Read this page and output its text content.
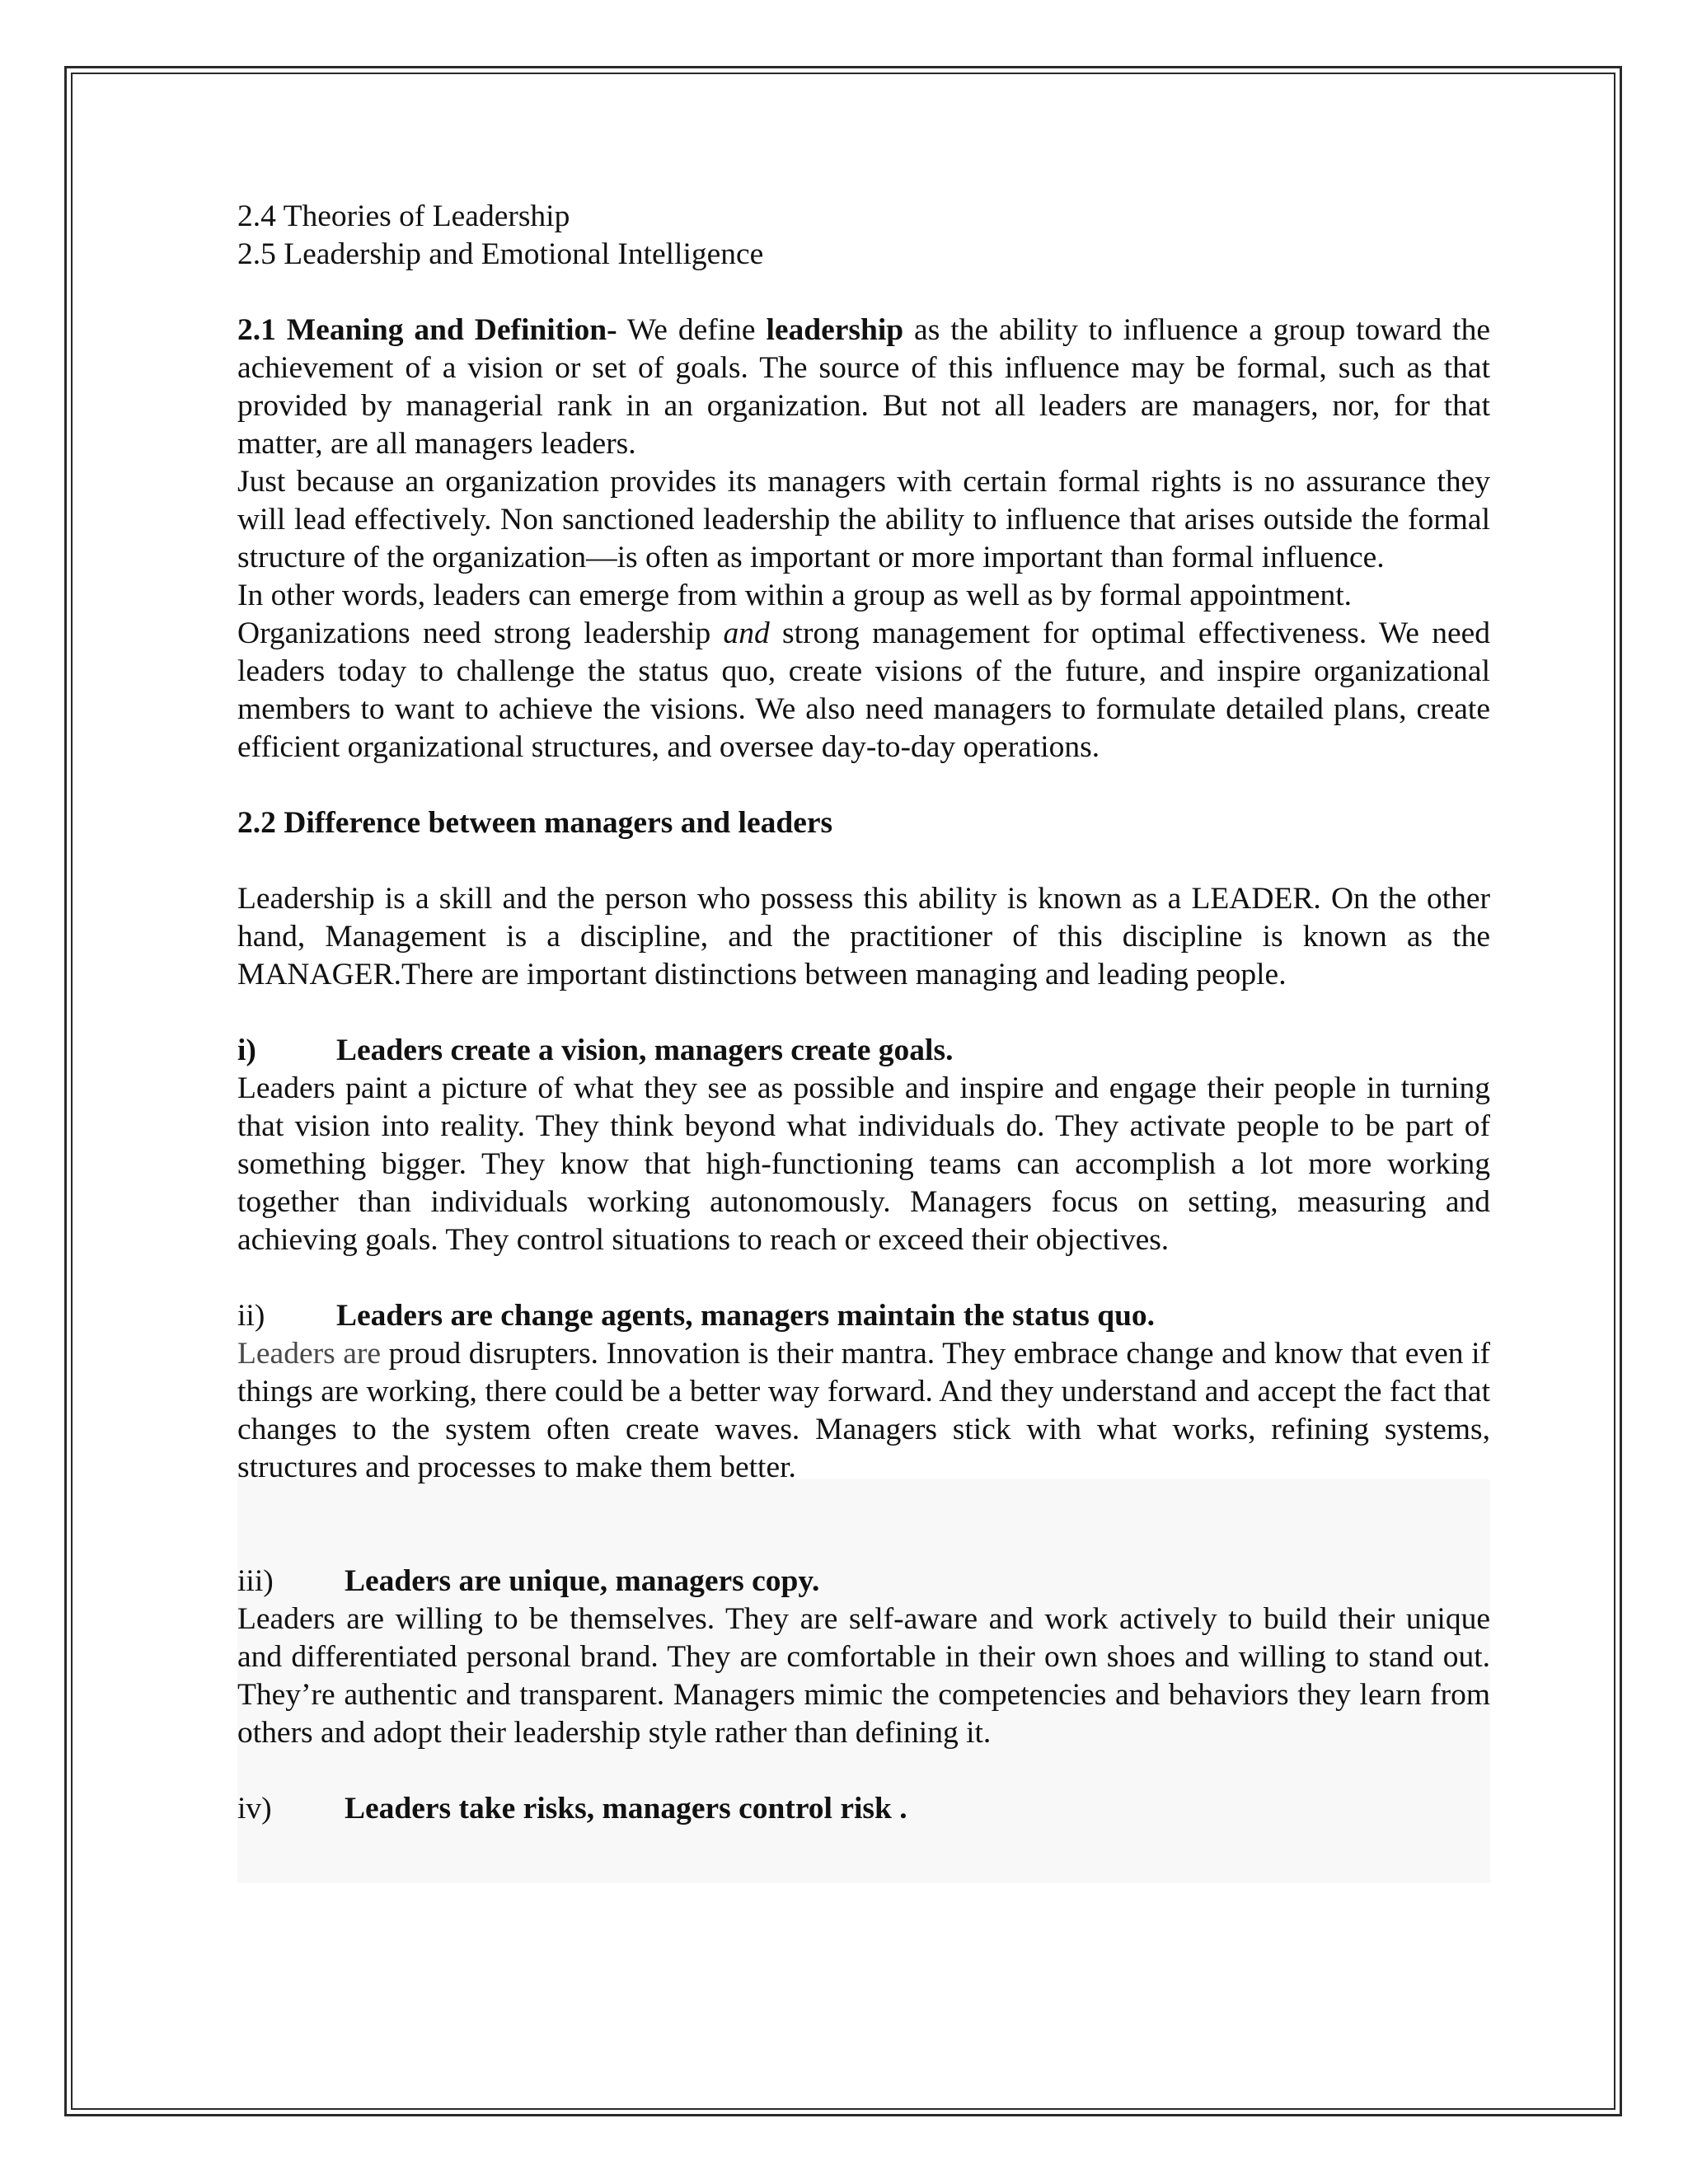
2.4 Theories of Leadership

2.5 Leadership and Emotional Intelligence

2.1 Meaning and Definition- We define leadership as the ability to influence a group toward the achievement of a vision or set of goals. The source of this influence may be formal, such as that provided by managerial rank in an organization. But not all leaders are managers, nor, for that matter, are all managers leaders.

Just because an organization provides its managers with certain formal rights is no assurance they will lead effectively. Non sanctioned leadership the ability to influence that arises outside the formal structure of the organization—is often as important or more important than formal influence.

In other words, leaders can emerge from within a group as well as by formal appointment.

Organizations need strong leadership and strong management for optimal effectiveness. We need leaders today to challenge the status quo, create visions of the future, and inspire organizational members to want to achieve the visions. We also need managers to formulate detailed plans, create efficient organizational structures, and oversee day-to-day operations.

2.2 Difference between managers and leaders

Leadership is a skill and the person who possess this ability is known as a LEADER. On the other hand, Management is a discipline, and the practitioner of this discipline is known as the MANAGER.There are important distinctions between managing and leading people.

i)	Leaders create a vision, managers create goals.

Leaders paint a picture of what they see as possible and inspire and engage their people in turning that vision into reality. They think beyond what individuals do. They activate people to be part of something bigger. They know that high-functioning teams can accomplish a lot more working together than individuals working autonomously. Managers focus on setting, measuring and achieving goals. They control situations to reach or exceed their objectives.

ii)	Leaders are change agents, managers maintain the status quo.

Leaders are proud disrupters. Innovation is their mantra. They embrace change and know that even if things are working, there could be a better way forward. And they understand and accept the fact that changes to the system often create waves. Managers stick with what works, refining systems, structures and processes to make them better.

iii)	Leaders are unique, managers copy.

Leaders are willing to be themselves. They are self-aware and work actively to build their unique and differentiated personal brand. They are comfortable in their own shoes and willing to stand out. They’re authentic and transparent. Managers mimic the competencies and behaviors they learn from others and adopt their leadership style rather than defining it.

iv)	Leaders take risks, managers control risk .
